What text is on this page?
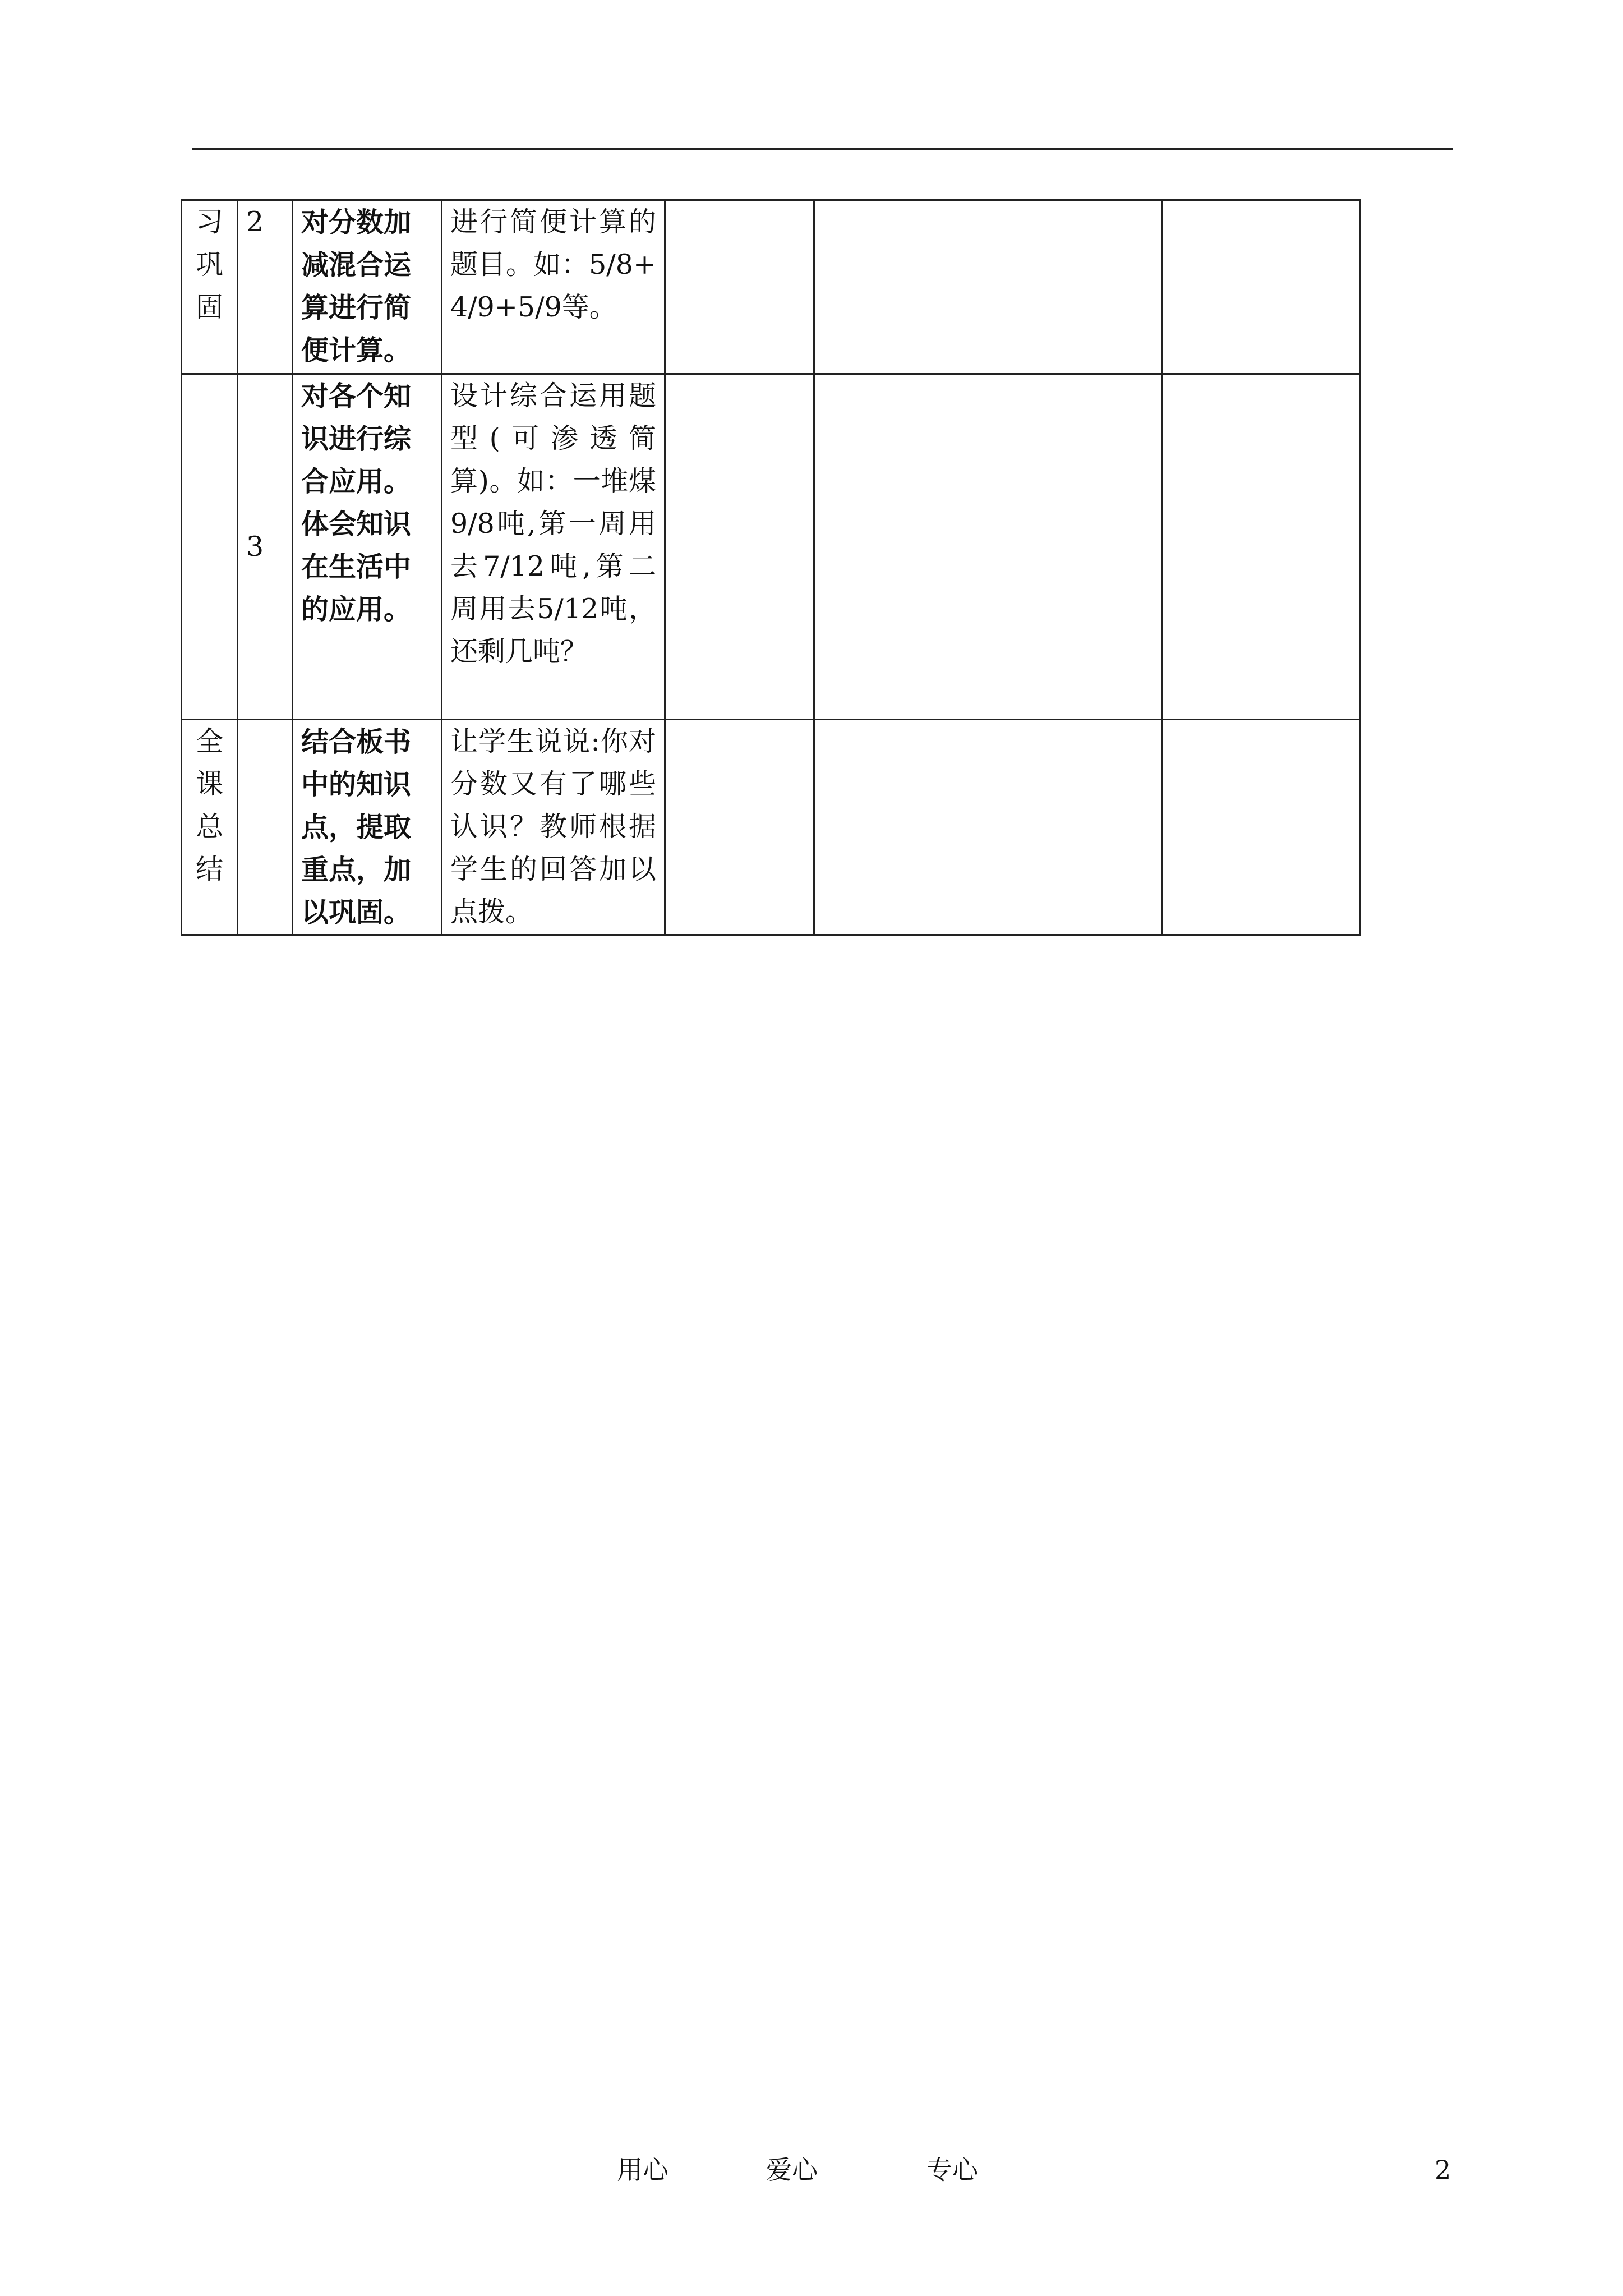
习巩固	2	对分数加减混合运算进行简便计算。	进行简便计算的题目。如：5/8+4/9+5/9等。			

	3	对各个知识进行综合应用。体会知识在生活中的应用。	设计综合运用题型(可渗透简算)。如：一堆煤9/8吨,第一周用去7/12吨,第二周用去5/12吨，还剩几吨？			

全课总结		结合板书中的知识点，提取重点，加以巩固。	让学生说说:你对分数又有了哪些认识？教师根据学生的回答加以点拨。			
用心	爱心	专心	2
